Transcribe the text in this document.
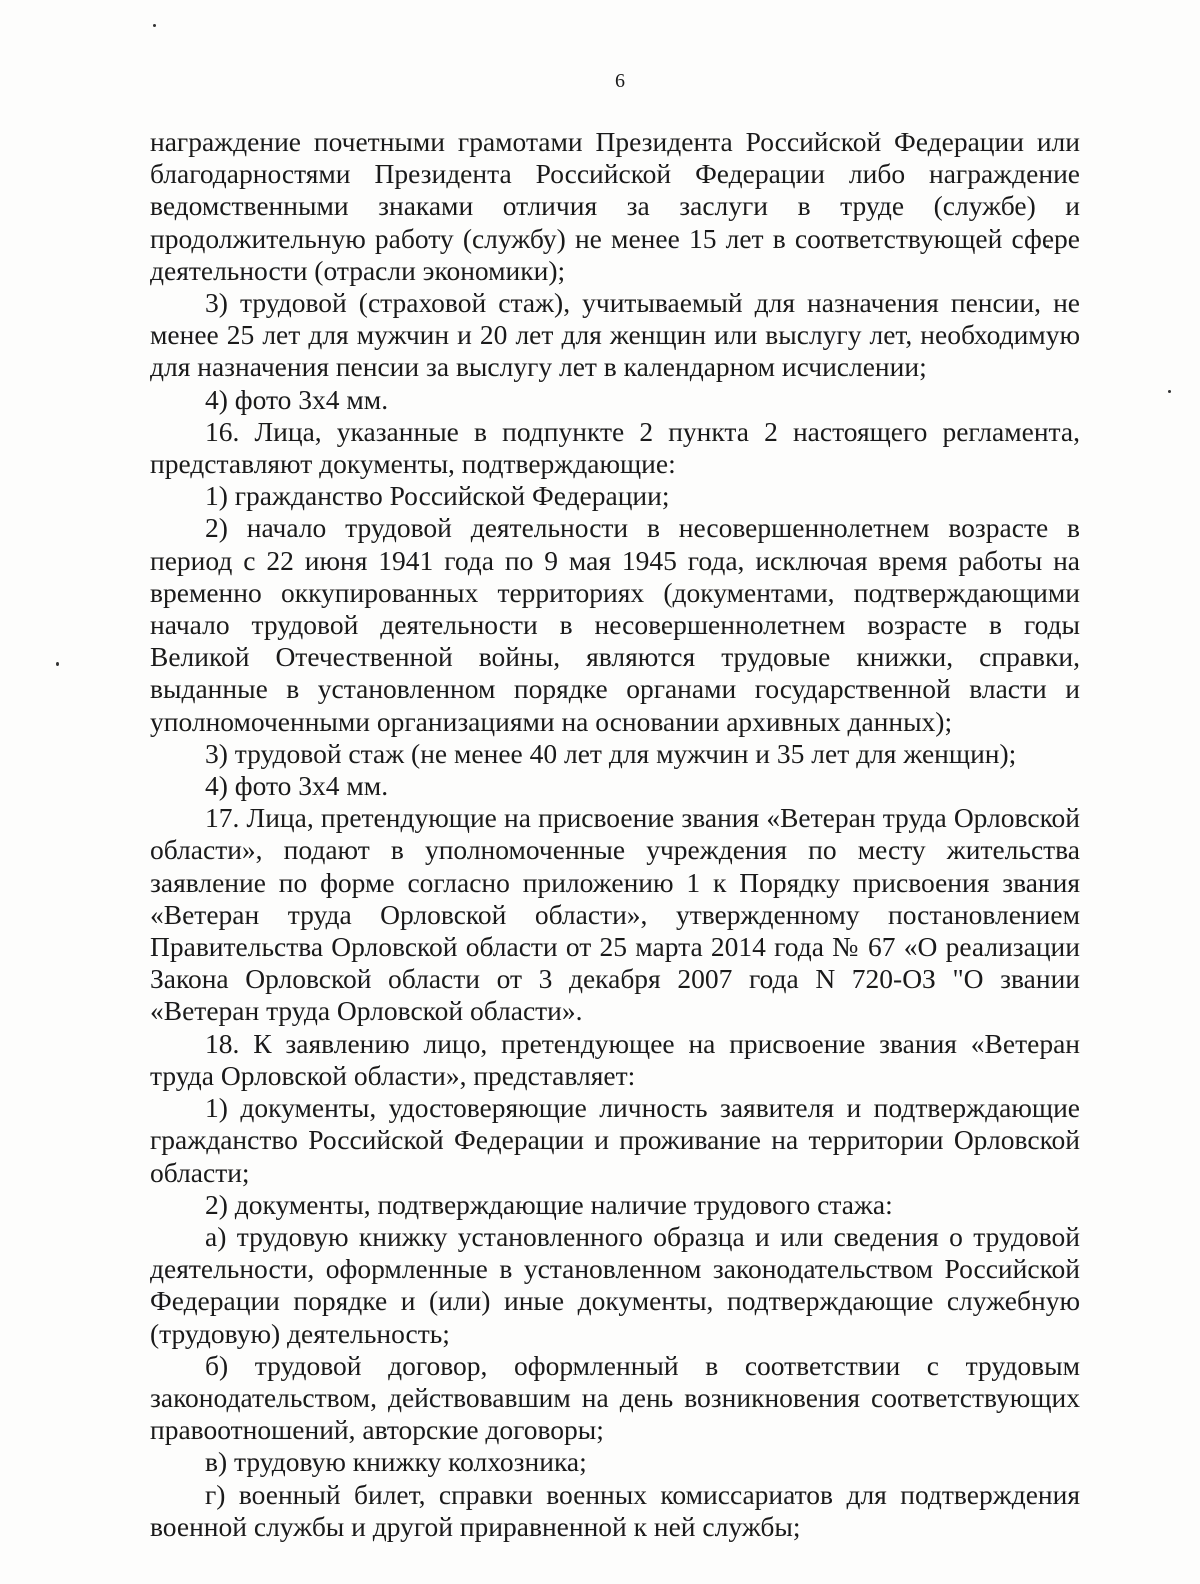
6

награждение почетными грамотами Президента Российской Федерации или благодарностями Президента Российской Федерации либо награждение ведомственными знаками отличия за заслуги в труде (службе) и продолжительную работу (службу) не менее 15 лет в соответствующей сфере деятельности (отрасли экономики);

3) трудовой (страховой стаж), учитываемый для назначения пенсии, не менее 25 лет для мужчин и 20 лет для женщин или выслугу лет, необходимую для назначения пенсии за выслугу лет в календарном исчислении;

4) фото 3x4 мм.

16. Лица, указанные в подпункте 2 пункта 2 настоящего регламента, представляют документы, подтверждающие:

1) гражданство Российской Федерации;

2) начало трудовой деятельности в несовершеннолетнем возрасте в период с 22 июня 1941 года по 9 мая 1945 года, исключая время работы на временно оккупированных территориях (документами, подтверждающими начало трудовой деятельности в несовершеннолетнем возрасте в годы Великой Отечественной войны, являются трудовые книжки, справки, выданные в установленном порядке органами государственной власти и уполномоченными организациями на основании архивных данных);

3) трудовой стаж (не менее 40 лет для мужчин и 35 лет для женщин);

4) фото 3x4 мм.

17. Лица, претендующие на присвоение звания «Ветеран труда Орловской области», подают в уполномоченные учреждения по месту жительства заявление по форме согласно приложению 1 к Порядку присвоения звания «Ветеран труда Орловской области», утвержденному постановлением Правительства Орловской области от 25 марта 2014 года № 67 «О реализации Закона Орловской области от 3 декабря 2007 года N 720-ОЗ "О звании «Ветеран труда Орловской области».

18. К заявлению лицо, претендующее на присвоение звания «Ветеран труда Орловской области», представляет:

1) документы, удостоверяющие личность заявителя и подтверждающие гражданство Российской Федерации и проживание на территории Орловской области;

2) документы, подтверждающие наличие трудового стажа:

а) трудовую книжку установленного образца и или сведения о трудовой деятельности, оформленные в установленном законодательством Российской Федерации порядке и (или) иные документы, подтверждающие служебную (трудовую) деятельность;

б) трудовой договор, оформленный в соответствии с трудовым законодательством, действовавшим на день возникновения соответствующих правоотношений, авторские договоры;

в) трудовую книжку колхозника;

г) военный билет, справки военных комиссариатов для подтверждения военной службы и другой приравненной к ней службы;
